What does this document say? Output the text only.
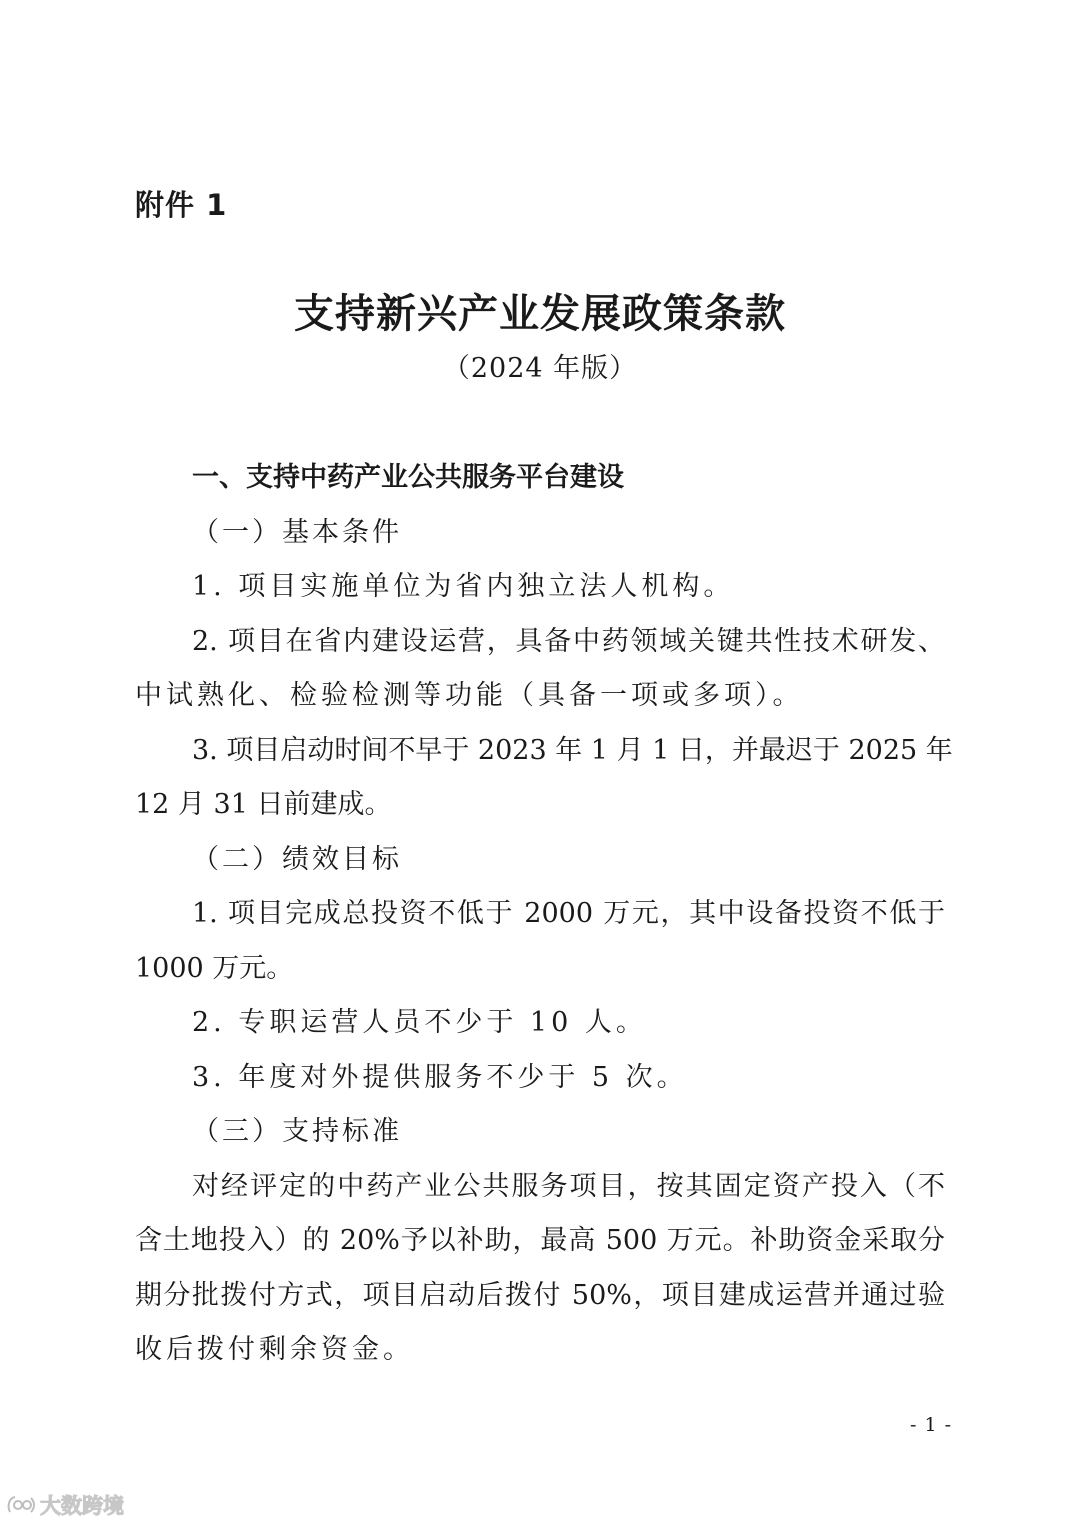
附件 1
支持新兴产业发展政策条款
（2024 年版）
一、支持中药产业公共服务平台建设
（一）基本条件
1. 项目实施单位为省内独立法人机构。
2. 项目在省内建设运营，具备中药领域关键共性技术研发、
中试熟化、检验检测等功能（具备一项或多项）。
3. 项目启动时间不早于 2023 年 1 月 1 日，并最迟于 2025 年
12 月 31 日前建成。
（二）绩效目标
1. 项目完成总投资不低于 2000 万元，其中设备投资不低于
1000 万元。
2. 专职运营人员不少于 10 人。
3. 年度对外提供服务不少于 5 次。
（三）支持标准
对经评定的中药产业公共服务项目，按其固定资产投入（不
含土地投入）的 20%予以补助，最高 500 万元。补助资金采取分
期分批拨付方式，项目启动后拨付 50%，项目建成运营并通过验
收后拨付剩余资金。
- 1 -
大数跨境
